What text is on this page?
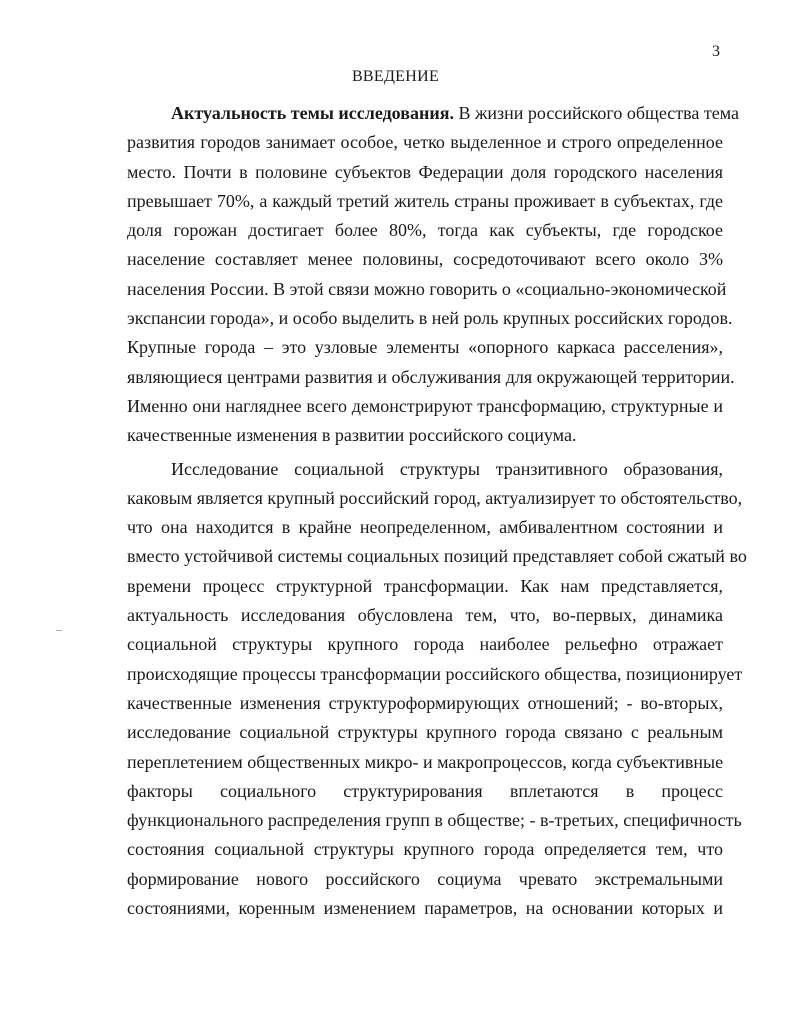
3
ВВЕДЕНИЕ
Актуальность темы исследования. В жизни российского общества тема
развития городов занимает особое, четко выделенное и строго определенное
место. Почти в половине субъектов Федерации доля городского населения
превышает 70%, а каждый третий житель страны проживает в субъектах, где
доля горожан достигает более 80%, тогда как субъекты, где городское
население составляет менее половины, сосредоточивают всего около 3%
населения России. В этой связи можно говорить о «социально-экономической
экспансии города», и особо выделить в ней роль крупных российских городов.
Крупные города – это узловые элементы «опорного каркаса расселения»,
являющиеся центрами развития и обслуживания для окружающей территории.
Именно они нагляднее всего демонстрируют трансформацию, структурные и
качественные изменения в развитии российского социума.
Исследование социальной структуры транзитивного образования,
каковым является крупный российский город, актуализирует то обстоятельство,
что она находится в крайне неопределенном, амбивалентном состоянии и
вместо устойчивой системы социальных позиций представляет собой сжатый во
времени процесс структурной трансформации. Как нам представляется,
актуальность исследования обусловлена тем, что, во-первых, динамика
социальной структуры крупного города наиболее рельефно отражает
происходящие процессы трансформации российского общества, позиционирует
качественные изменения структуроформирующих отношений; - во-вторых,
исследование социальной структуры крупного города связано с реальным
переплетением общественных микро- и макропроцессов, когда субъективные
факторы социального структурирования вплетаются в процесс
функционального распределения групп в обществе; - в-третьих, специфичность
состояния социальной структуры крупного города определяется тем, что
формирование нового российского социума чревато экстремальными
состояниями, коренным изменением параметров, на основании которых и
